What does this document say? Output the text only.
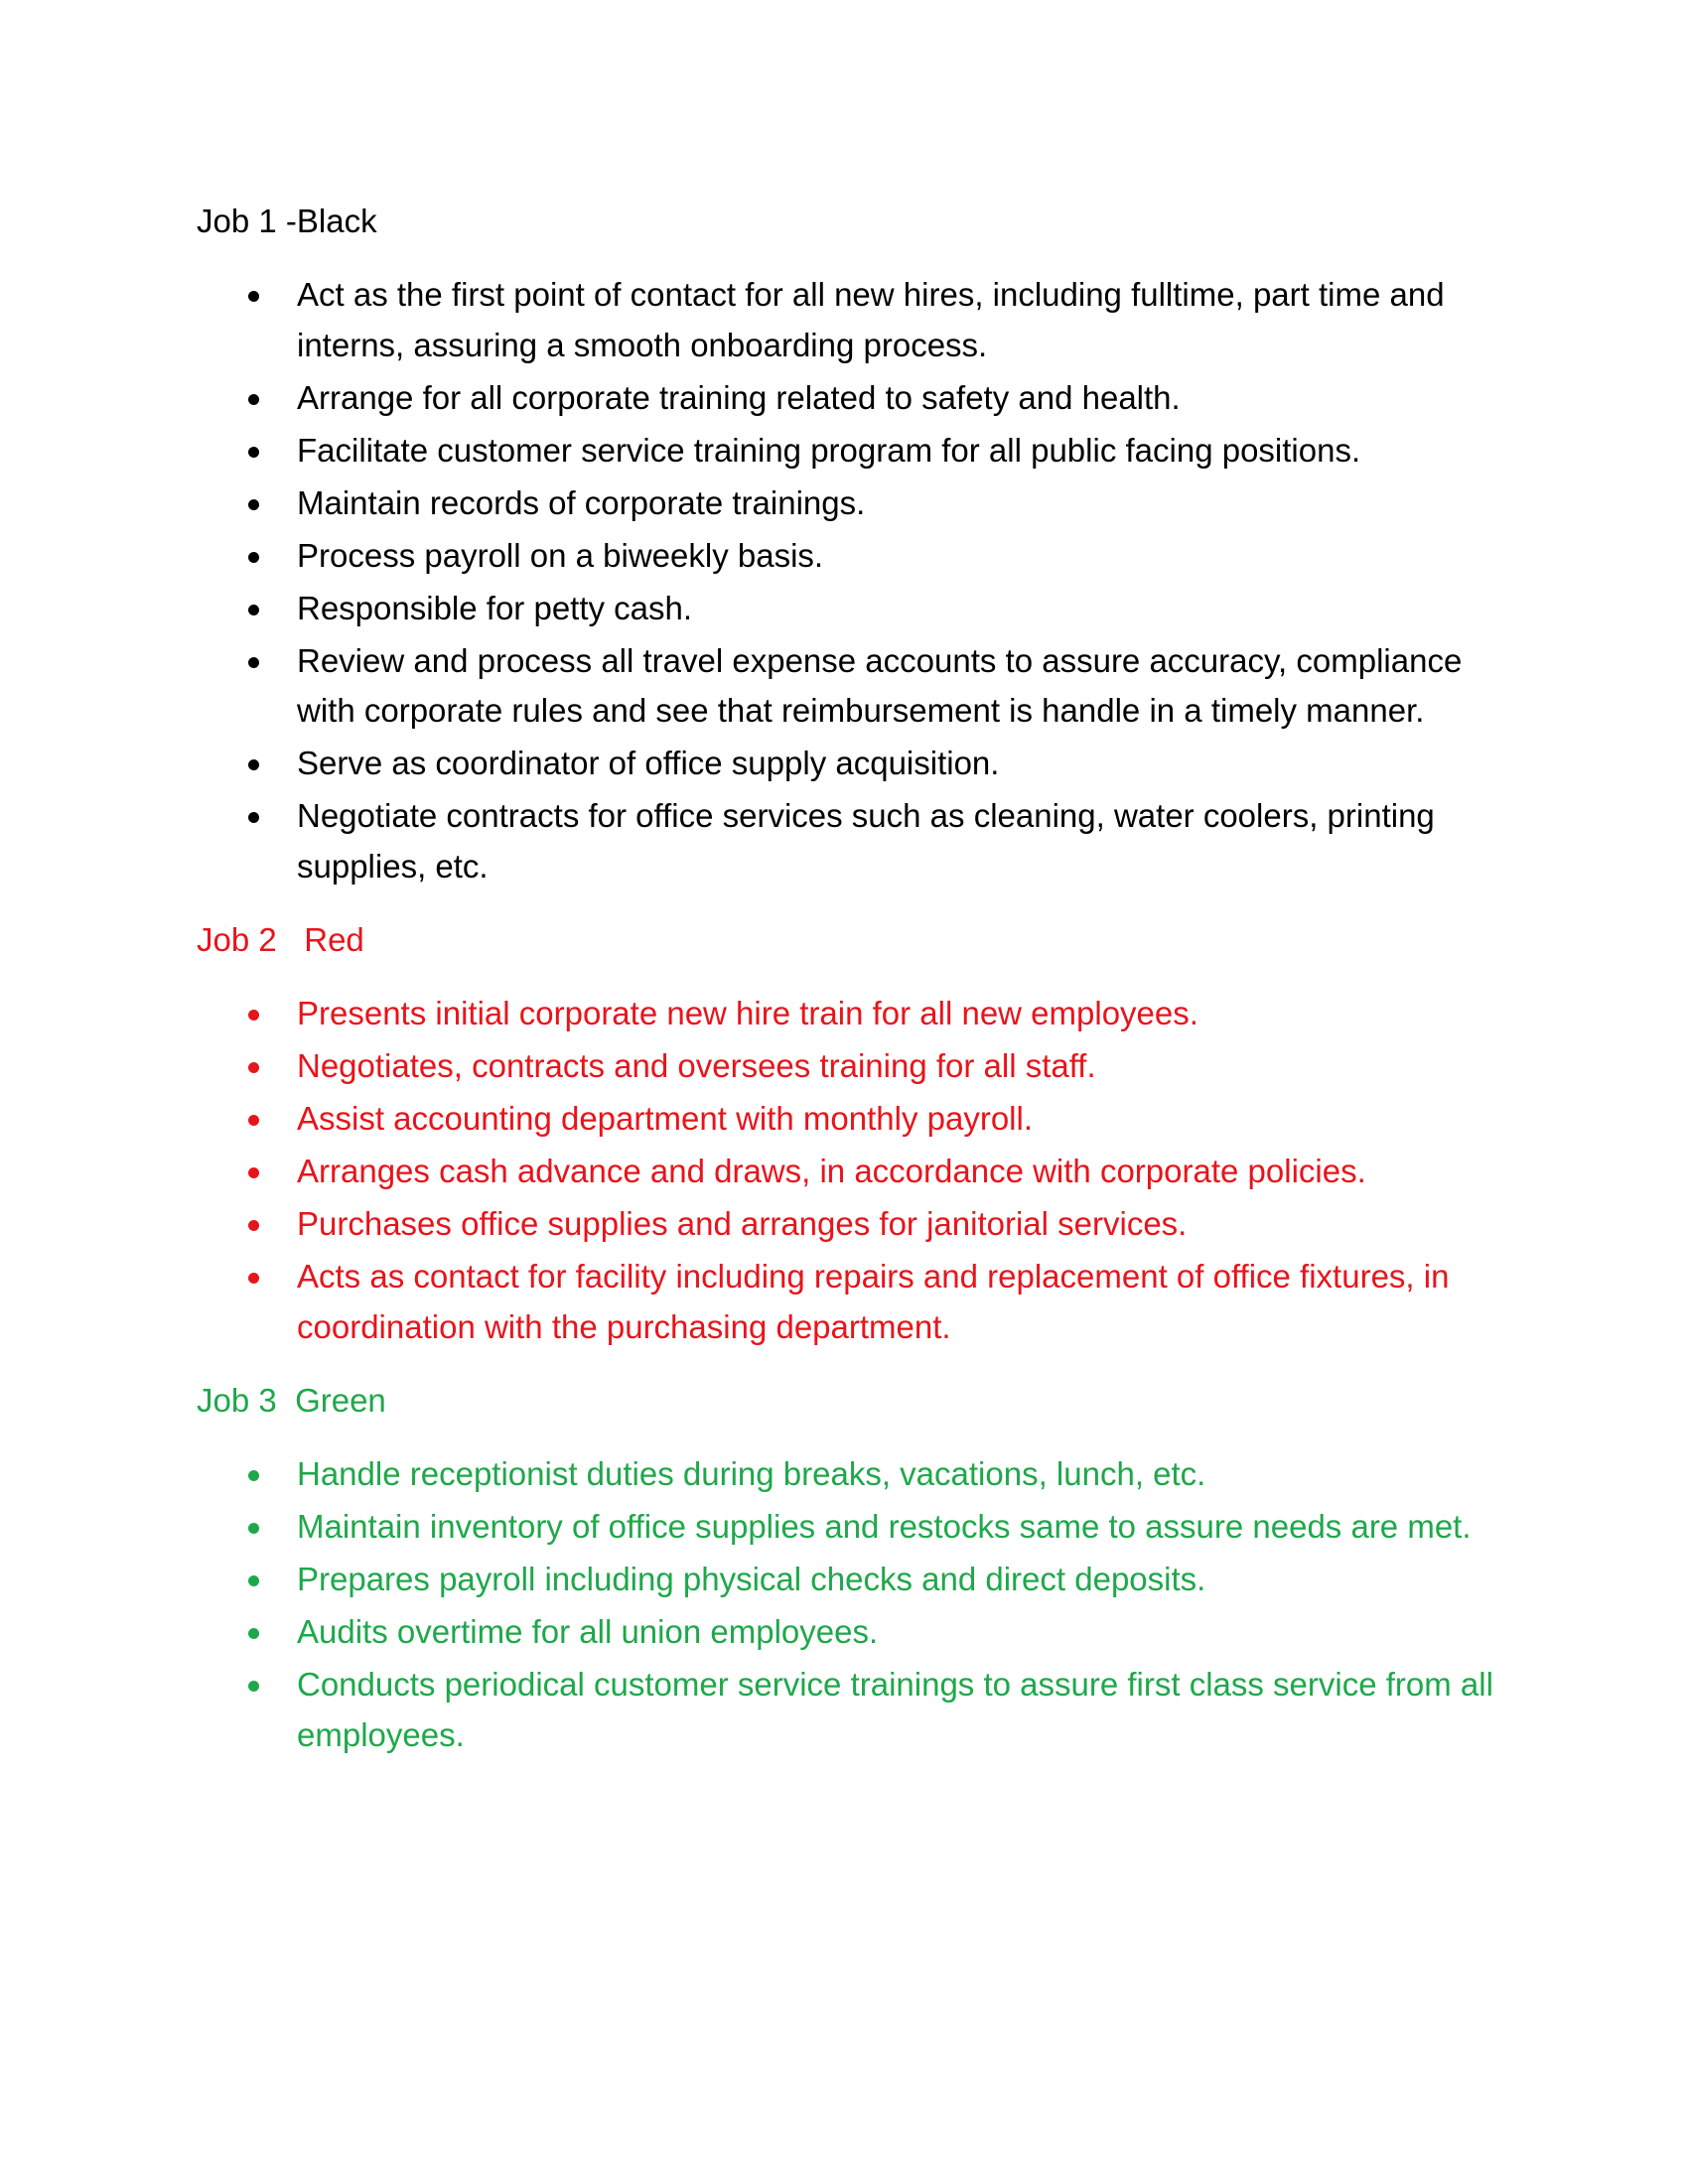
Job 1 -Black
Act as the first point of contact for all new hires, including fulltime, part time and interns, assuring a smooth onboarding process.
Arrange for all corporate training related to safety and health.
Facilitate customer service training program for all public facing positions.
Maintain records of corporate trainings.
Process payroll on a biweekly basis.
Responsible for petty cash.
Review and process all travel expense accounts to assure accuracy, compliance with corporate rules and see that reimbursement is handle in a timely manner.
Serve as coordinator of office supply acquisition.
Negotiate contracts for office services such as cleaning, water coolers, printing supplies, etc.
Job 2   Red
Presents initial corporate new hire train for all new employees.
Negotiates, contracts and oversees training for all staff.
Assist accounting department with monthly payroll.
Arranges cash advance and draws, in accordance with corporate policies.
Purchases office supplies and arranges for janitorial services.
Acts as contact for facility including repairs and replacement of office fixtures, in coordination with the purchasing department.
Job 3  Green
Handle receptionist duties during breaks, vacations, lunch, etc.
Maintain inventory of office supplies and restocks same to assure needs are met.
Prepares payroll including physical checks and direct deposits.
Audits overtime for all union employees.
Conducts periodical customer service trainings to assure first class service from all employees.
